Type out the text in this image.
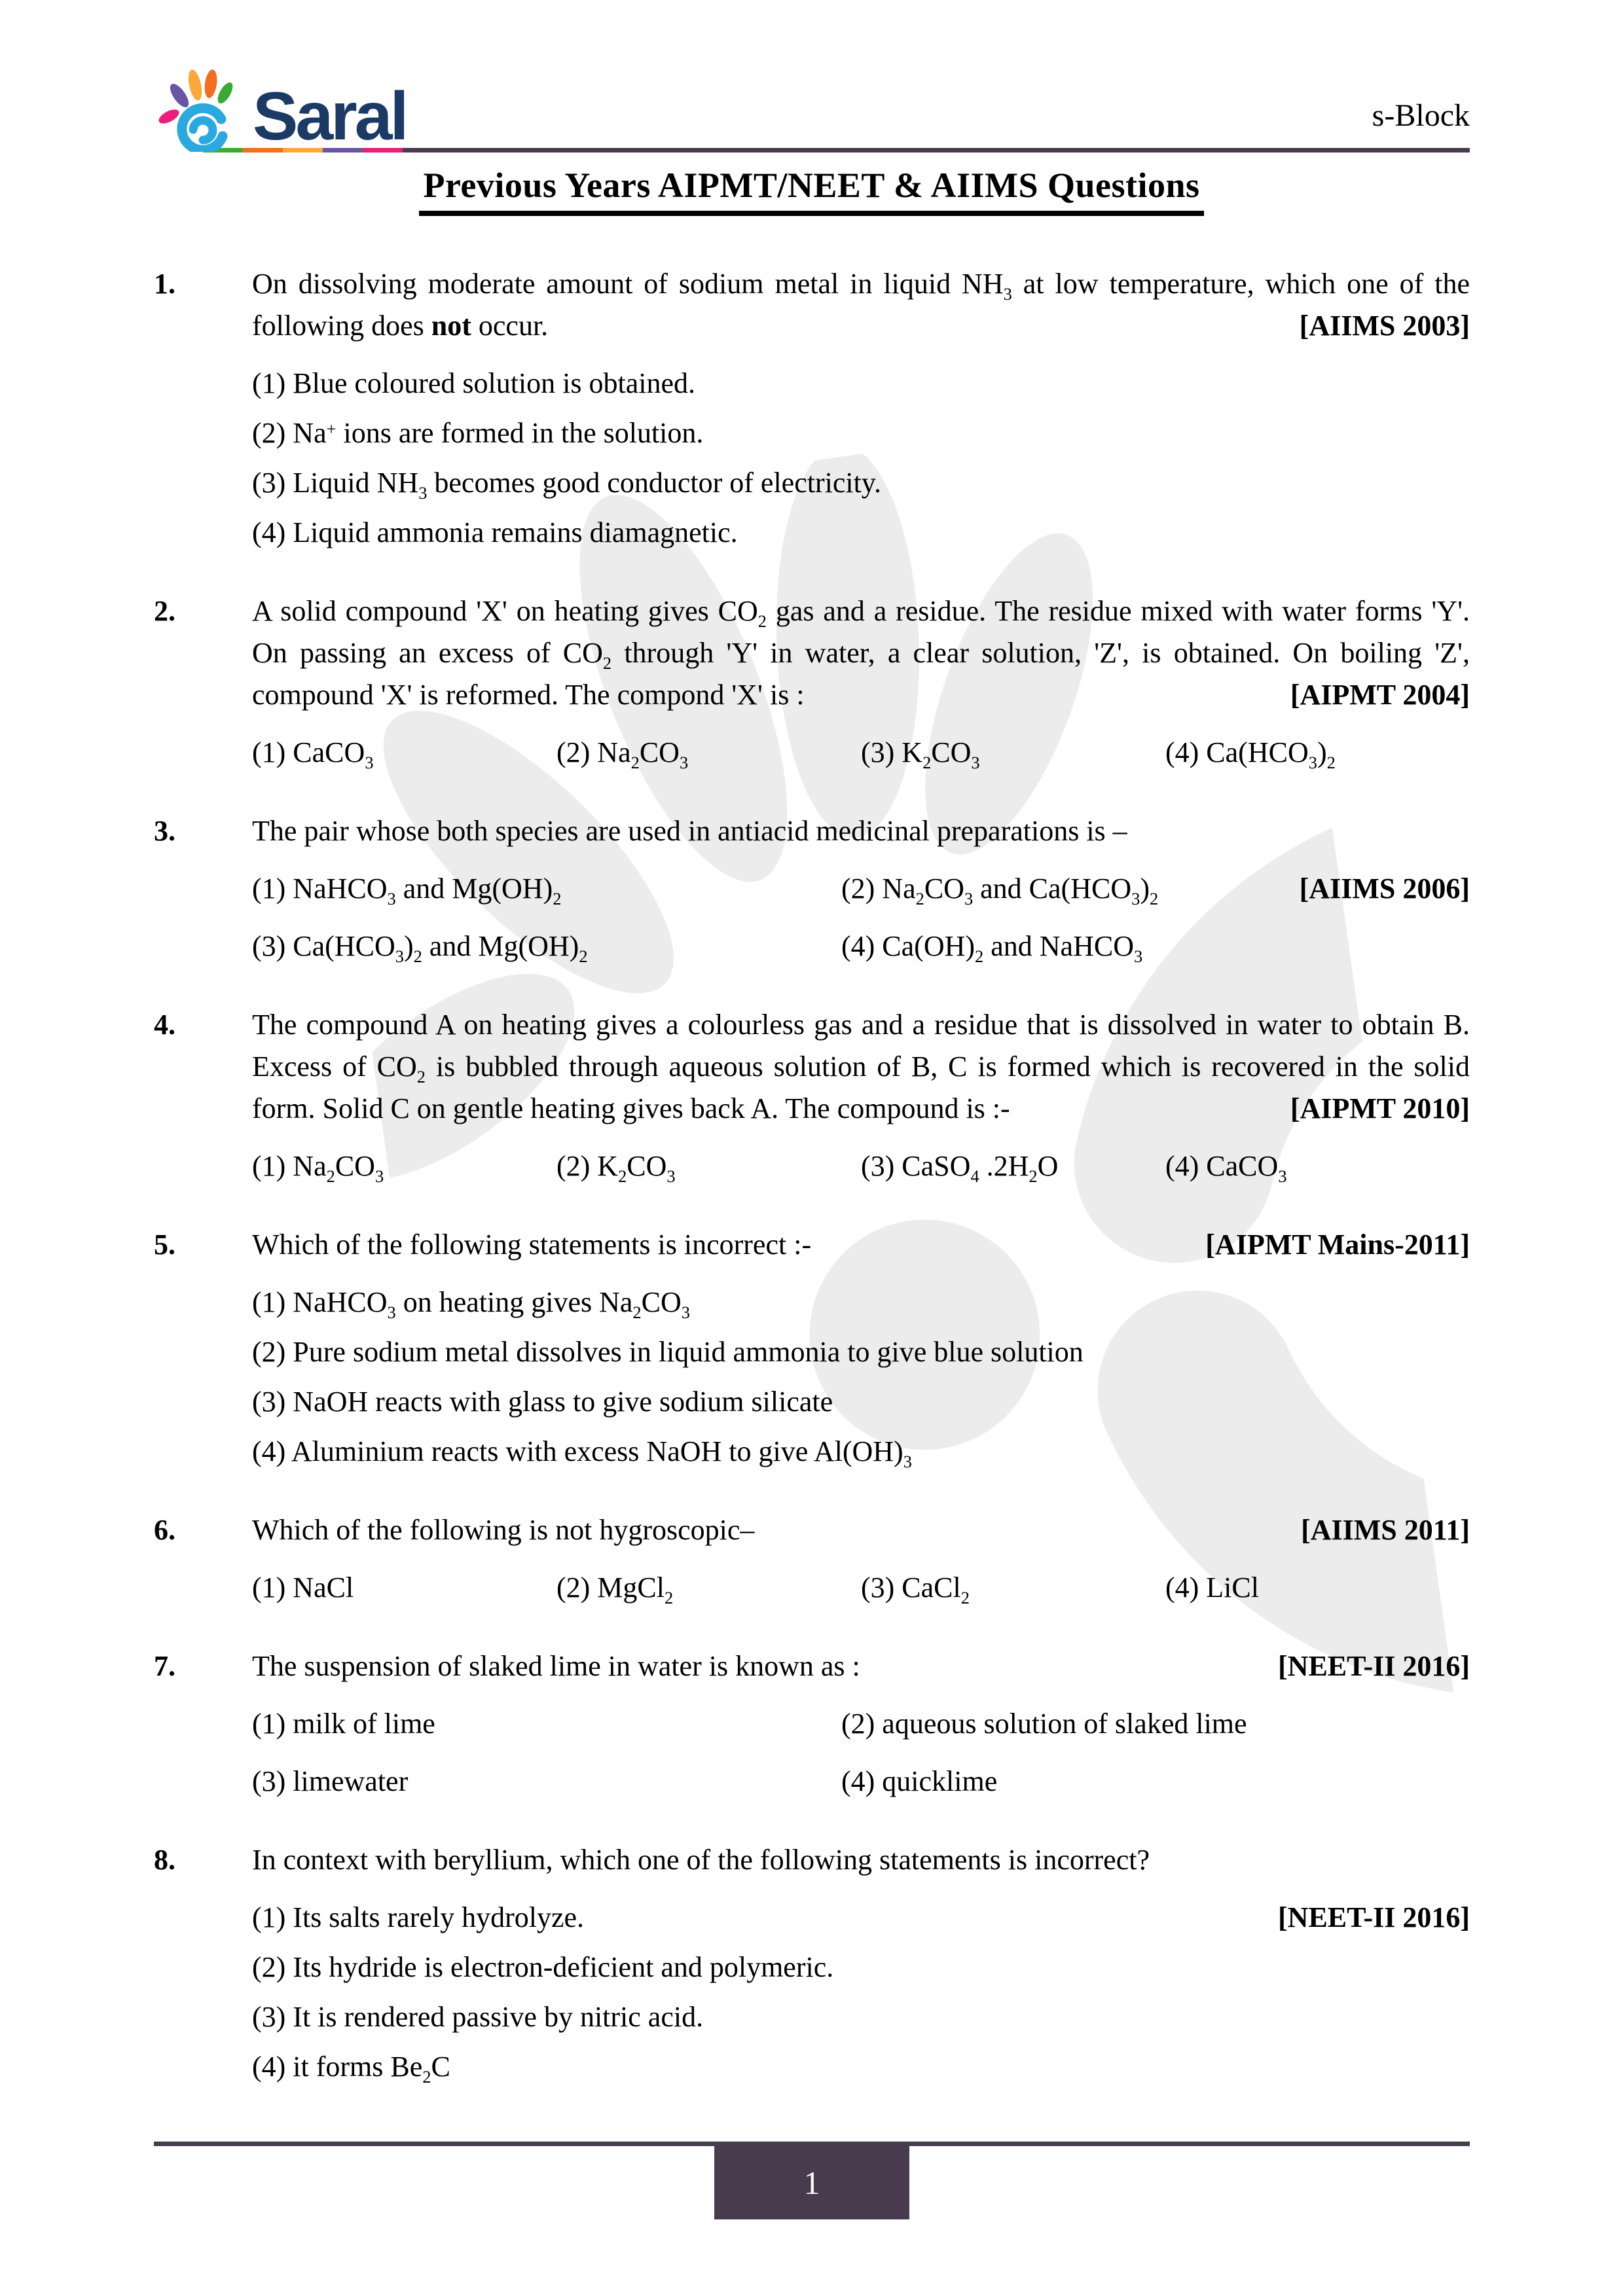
Saral	s-Block
Previous Years AIPMT/NEET & AIIMS Questions
1.	On dissolving moderate amount of sodium metal in liquid $NH_3$ at low temperature, which one of the following does not occur.	[AIIMS 2003]

(1) Blue coloured solution is obtained.
(2) Na+ ions are formed in the solution.
(3) Liquid $NH_3$ becomes good conductor of electricity.
(4) Liquid ammonia remains diamagnetic.
2.	A solid compound 'X' on heating gives $CO_2$ gas and a residue. The residue mixed with water forms 'Y'. On passing an excess of $CO_2$ through 'Y' in water, a clear solution, 'Z', is obtained. On boiling 'Z', compound 'X' is reformed. The compond 'X' is :	[AIPMT 2004]

(1) CaCO$_3$	(2) $Na_2CO_3$	(3) $K_2CO_3$	(4) $Ca(HCO_3)_2$
3.	The pair whose both species are used in antiacid medicinal preparations is –

(1) NaHCO$_3$ and $Mg(OH)_2$	(2) $Na_2CO_3$ and $Ca(HCO_3)_2$	[AIIMS 2006]
(3) $Ca(HCO_3)_2$ and $Mg(OH)_2$	(4) $Ca(OH)_2$ and NaHCO$_3$
4.	The compound A on heating gives a colourless gas and a residue that is dissolved in water to obtain B. Excess of $CO_2$ is bubbled through aqueous solution of B, C is formed which is recovered in the solid form. Solid C on gentle heating gives back A. The compound is :-	[AIPMT 2010]

(1) $Na_2CO_3$	(2) $K_2CO_3$	(3) CaSO$_4$ $.2H_2O$	(4) CaCO$_3$
5.	Which of the following statements is incorrect :-	[AIPMT Mains-2011]

(1) NaHCO$_3$ on heating gives $Na_2CO_3$
(2) Pure sodium metal dissolves in liquid ammonia to give blue solution
(3) NaOH reacts with glass to give sodium silicate
(4) Aluminium reacts with excess NaOH to give $Al(OH)_3$
6.	Which of the following is not hygroscopic–	[AIIMS 2011]

(1) NaCl	(2) MgCl$_2$	(3) CaCl$_2$	(4) LiCl
7.	The suspension of slaked lime in water is known as :	[NEET-II 2016]

(1) milk of lime	(2) aqueous solution of slaked lime
(3) limewater	(4) quicklime
8.	In context with beryllium, which one of the following statements is incorrect?

(1) Its salts rarely hydrolyze.	[NEET-II 2016]
(2) Its hydride is electron-deficient and polymeric.
(3) It is rendered passive by nitric acid.
(4) it forms $Be_2C$
1
